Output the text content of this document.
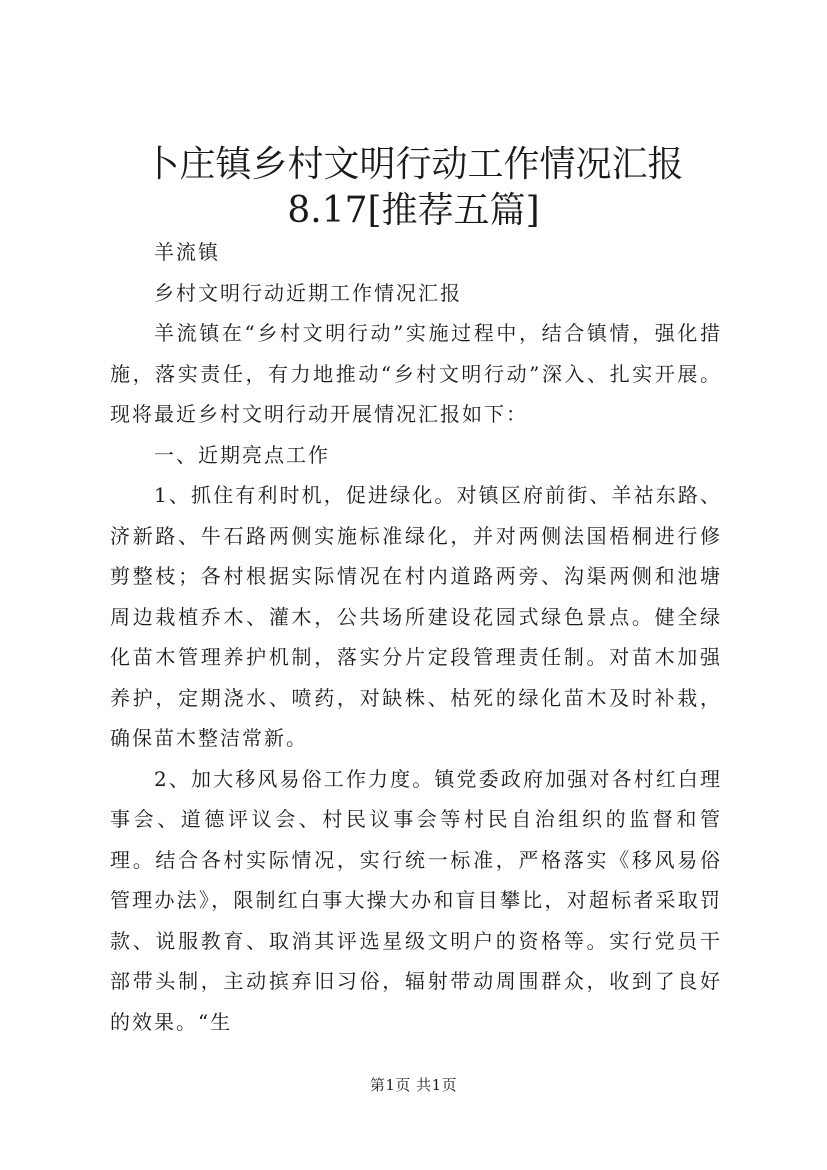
卜庄镇乡村文明行动工作情况汇报8.17[推荐五篇]

羊流镇

乡村文明行动近期工作情况汇报

羊流镇在“乡村文明行动”实施过程中，结合镇情，强化措施，落实责任，有力地推动“乡村文明行动”深入、扎实开展。现将最近乡村文明行动开展情况汇报如下：

一、近期亮点工作

1、抓住有利时机，促进绿化。对镇区府前街、羊祜东路、济新路、牛石路两侧实施标准绿化，并对两侧法国梧桐进行修剪整枝；各村根据实际情况在村内道路两旁、沟渠两侧和池塘周边栽植乔木、灌木，公共场所建设花园式绿色景点。健全绿化苗木管理养护机制，落实分片定段管理责任制。对苗木加强养护，定期浇水、喷药，对缺株、枯死的绿化苗木及时补栽，确保苗木整洁常新。

2、加大移风易俗工作力度。镇党委政府加强对各村红白理事会、道德评议会、村民议事会等村民自治组织的监督和管理。结合各村实际情况，实行统一标准，严格落实《移风易俗管理办法》，限制红白事大操大办和盲目攀比，对超标者采取罚款、说服教育、取消其评选星级文明户的资格等。实行党员干部带头制，主动摈弃旧习俗，辐射带动周围群众，收到了良好的效果。“生

第1页 共1页
